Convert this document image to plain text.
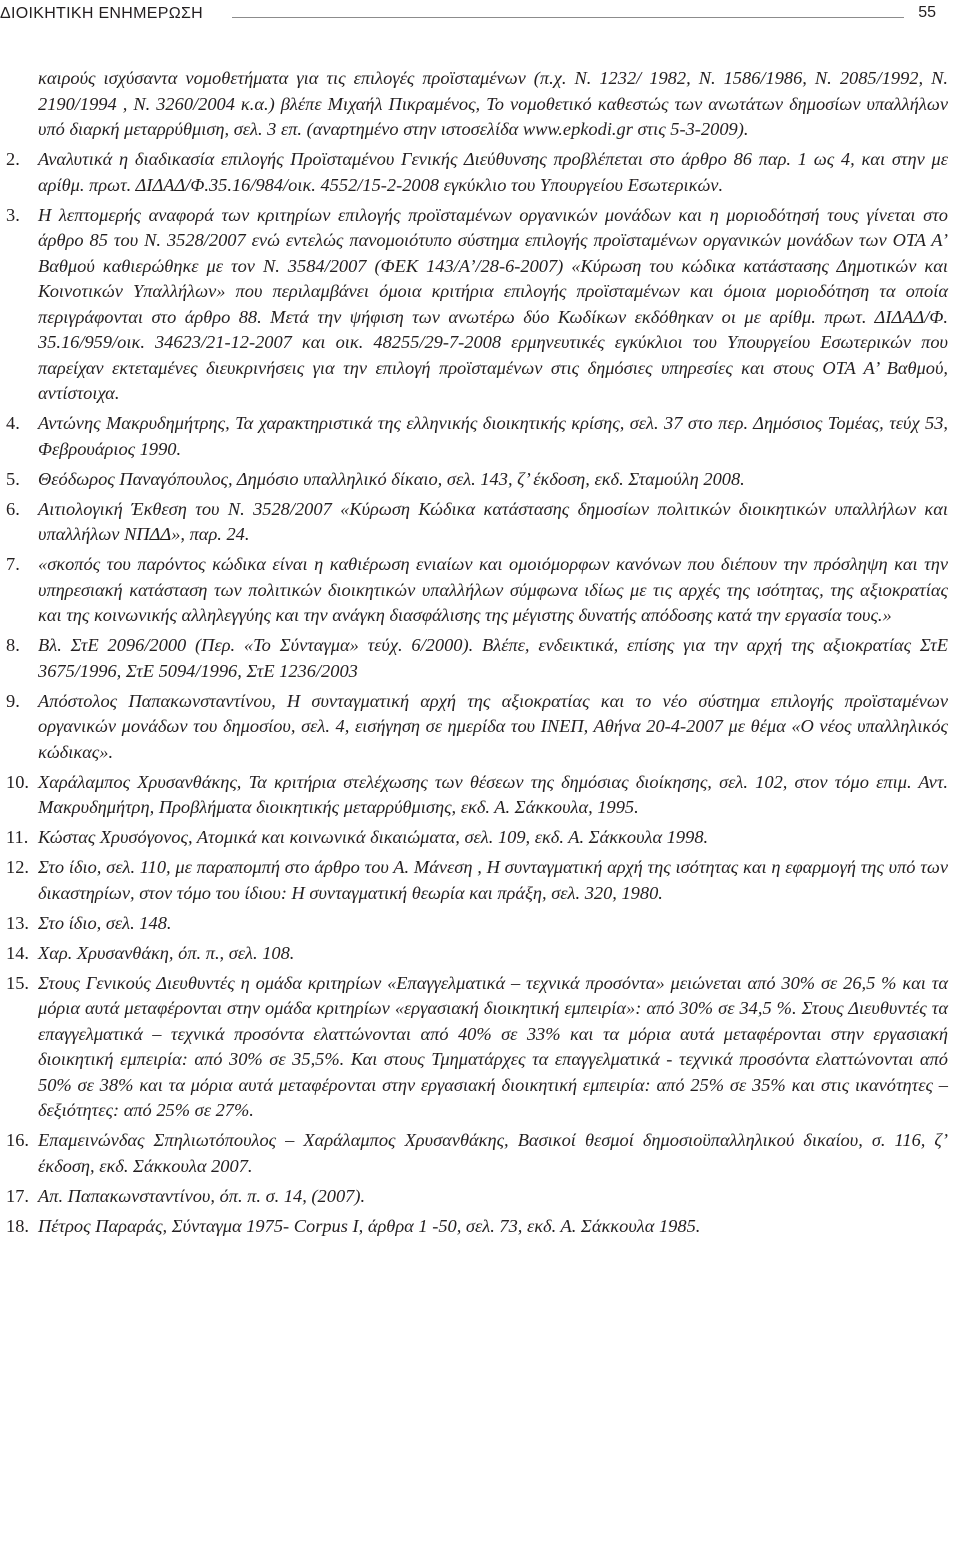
ΔΙΟΙΚΗΤΙΚΗ ΕΝΗΜΕΡΩΣΗ	55
καιρούς ισχύσαντα νομοθετήματα για τις επιλογές προϊσταμένων (π.χ. Ν. 1232/ 1982, Ν. 1586/1986, Ν. 2085/1992, Ν. 2190/1994 , Ν. 3260/2004 κ.α.) βλέπε Μιχαήλ Πικραμένος, Το νομοθετικό καθεστώς των ανωτάτων δημοσίων υπαλλήλων υπό διαρκή μεταρρύθμιση, σελ. 3 επ. (αναρτημένο στην ιστοσελίδα www.epkodi.gr στις 5-3-2009).
2. Αναλυτικά η διαδικασία επιλογής Προϊσταμένου Γενικής Διεύθυνσης προβλέπεται στο άρθρο 86 παρ. 1 ως 4, και στην με αρίθμ. πρωτ. ΔΙΔΑΔ/Φ.35.16/984/οικ. 4552/15-2-2008 εγκύκλιο του Υπουργείου Εσωτερικών.
3. Η λεπτομερής αναφορά των κριτηρίων επιλογής προϊσταμένων οργανικών μονάδων και η μοριοδότησή τους γίνεται στο άρθρο 85 του Ν. 3528/2007 ενώ εντελώς πανομοιότυπο σύστημα επιλογής προϊσταμένων οργανικών μονάδων των ΟΤΑ Α’ Βαθμού καθιερώθηκε με τον Ν. 3584/2007 (ΦΕΚ 143/Α’/28-6-2007) «Κύρωση του κώδικα κατάστασης Δημοτικών και Κοινοτικών Υπαλλήλων» που περιλαμβάνει όμοια κριτήρια επιλογής προϊσταμένων και όμοια μοριοδότηση τα οποία περιγράφονται στο άρθρο 88. Μετά την ψήφιση των ανωτέρω δύο Κωδίκων εκδόθηκαν οι με αρίθμ. πρωτ. ΔΙΔΑΔ/Φ. 35.16/959/οικ. 34623/21-12-2007 και οικ. 48255/29-7-2008 ερμηνευτικές εγκύκλιοι του Υπουργείου Εσωτερικών που παρείχαν εκτεταμένες διευκρινήσεις για την επιλογή προϊσταμένων στις δημόσιες υπηρεσίες και στους ΟΤΑ Α’ Βαθμού, αντίστοιχα.
4. Αντώνης Μακρυδημήτρης, Τα χαρακτηριστικά της ελληνικής διοικητικής κρίσης, σελ. 37 στο περ. Δημόσιος Τομέας, τεύχ 53, Φεβρουάριος 1990.
5. Θεόδωρος Παναγόπουλος, Δημόσιο υπαλληλικό δίκαιο, σελ. 143, ζ’ έκδοση, εκδ. Σταμούλη 2008.
6. Αιτιολογική Έκθεση του Ν. 3528/2007 «Κύρωση Κώδικα κατάστασης δημοσίων πολιτικών διοικητικών υπαλλήλων και υπαλλήλων ΝΠΔΔ», παρ. 24.
7. «σκοπός του παρόντος κώδικα είναι η καθιέρωση ενιαίων και ομοιόμορφων κανόνων που διέπουν την πρόσληψη και την υπηρεσιακή κατάσταση των πολιτικών διοικητικών υπαλλήλων σύμφωνα ιδίως με τις αρχές της ισότητας, της αξιοκρατίας και της κοινωνικής αλληλεγγύης και την ανάγκη διασφάλισης της μέγιστης δυνατής απόδοσης κατά την εργασία τους.»
8. Βλ. ΣτΕ 2096/2000 (Περ. «Το Σύνταγμα» τεύχ. 6/2000). Βλέπε, ενδεικτικά, επίσης για την αρχή της αξιοκρατίας ΣτΕ 3675/1996, ΣτΕ 5094/1996, ΣτΕ 1236/2003
9. Απόστολος Παπακωνσταντίνου, Η συνταγματική αρχή της αξιοκρατίας και το νέο σύστημα επιλογής προϊσταμένων οργανικών μονάδων του δημοσίου, σελ. 4, εισήγηση σε ημερίδα του ΙΝΕΠ, Αθήνα 20-4-2007 με θέμα «Ο νέος υπαλληλικός κώδικας».
10. Χαράλαμπος Χρυσανθάκης, Τα κριτήρια στελέχωσης των θέσεων της δημόσιας διοίκησης, σελ. 102, στον τόμο επιμ. Αντ. Μακρυδημήτρη, Προβλήματα διοικητικής μεταρρύθμισης, εκδ. Α. Σάκκουλα, 1995.
11. Κώστας Χρυσόγονος, Ατομικά και κοινωνικά δικαιώματα, σελ. 109, εκδ. Α. Σάκκουλα 1998.
12. Στο ίδιο, σελ. 110, με παραπομπή στο άρθρο του Α. Μάνεση , Η συνταγματική αρχή της ισότητας και η εφαρμογή της υπό των δικαστηρίων, στον τόμο του ίδιου: Η συνταγματική θεωρία και πράξη, σελ. 320, 1980.
13. Στο ίδιο, σελ. 148.
14. Χαρ. Χρυσανθάκη, όπ. π., σελ. 108.
15. Στους Γενικούς Διευθυντές η ομάδα κριτηρίων «Επαγγελματικά – τεχνικά προσόντα» μειώνεται από 30% σε 26,5 % και τα μόρια αυτά μεταφέρονται στην ομάδα κριτηρίων «εργασιακή διοικητική εμπειρία»: από 30% σε 34,5 %. Στους Διευθυντές τα επαγγελματικά – τεχνικά προσόντα ελαττώνονται από 40% σε 33% και τα μόρια αυτά μεταφέρονται στην εργασιακή διοικητική εμπειρία: από 30% σε 35,5%. Και στους Τμηματάρχες τα επαγγελματικά - τεχνικά προσόντα ελαττώνονται από 50% σε 38% και τα μόρια αυτά μεταφέρονται στην εργασιακή διοικητική εμπειρία: από 25% σε 35% και στις ικανότητες – δεξιότητες: από 25% σε 27%.
16. Επαμεινώνδας Σπηλιωτόπουλος – Χαράλαμπος Χρυσανθάκης, Βασικοί θεσμοί δημοσιοϋπαλληλικού δικαίου, σ. 116, ζ’ έκδοση, εκδ. Σάκκουλα 2007.
17. Απ. Παπακωνσταντίνου, όπ. π. σ. 14, (2007).
18. Πέτρος Παραράς, Σύνταγμα 1975- Corpus Ι, άρθρα 1 -50, σελ. 73, εκδ. Α. Σάκκουλα 1985.
